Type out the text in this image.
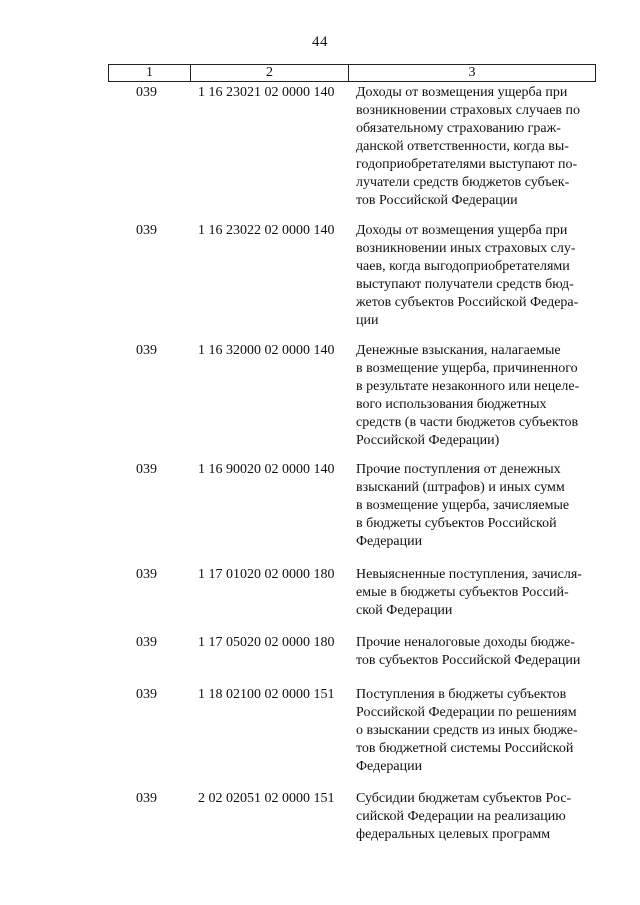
44
1	2	3
039	1 16 23021 02 0000 140 Доходы от возмещения ущерба при
возникновении страховых случаев по
обязательному страхованию граж-
данской ответственности, когда вы-
годоприобретателями выступают по-
лучатели средств бюджетов субъек-
тов Российской Федерации
039	1 16 23022 02 0000 140 Доходы от возмещения ущерба при
возникновении иных страховых слу-
чаев, когда выгодоприобретателями
выступают получатели средств бюд-
жетов субъектов Российской Федера-
ции
039	1 16 32000 02 0000 140 Денежные взыскания, налагаемые
в возмещение ущерба, причиненного
в результате незаконного или нецеле-
вого использования бюджетных
средств (в части бюджетов субъектов
Российской Федерации)
039	1 16 90020 02 0000 140 Прочие поступления от денежных
взысканий (штрафов) и иных сумм
в возмещение ущерба, зачисляемые
в бюджеты субъектов Российской
Федерации
039	1 17 01020 02 0000 180 Невыясненные поступления, зачисля-
емые в бюджеты субъектов Россий-
ской Федерации
039	1 17 05020 02 0000 180 Прочие неналоговые доходы бюдже-
тов субъектов Российской Федерации
039	1 18 02100 02 0000 151 Поступления в бюджеты субъектов
Российской Федерации по решениям
о взыскании средств из иных бюдже-
тов бюджетной системы Российской
Федерации
039	2 02 02051 02 0000 151 Субсидии бюджетам субъектов Рос-
сийской Федерации на реализацию
федеральных целевых программ
